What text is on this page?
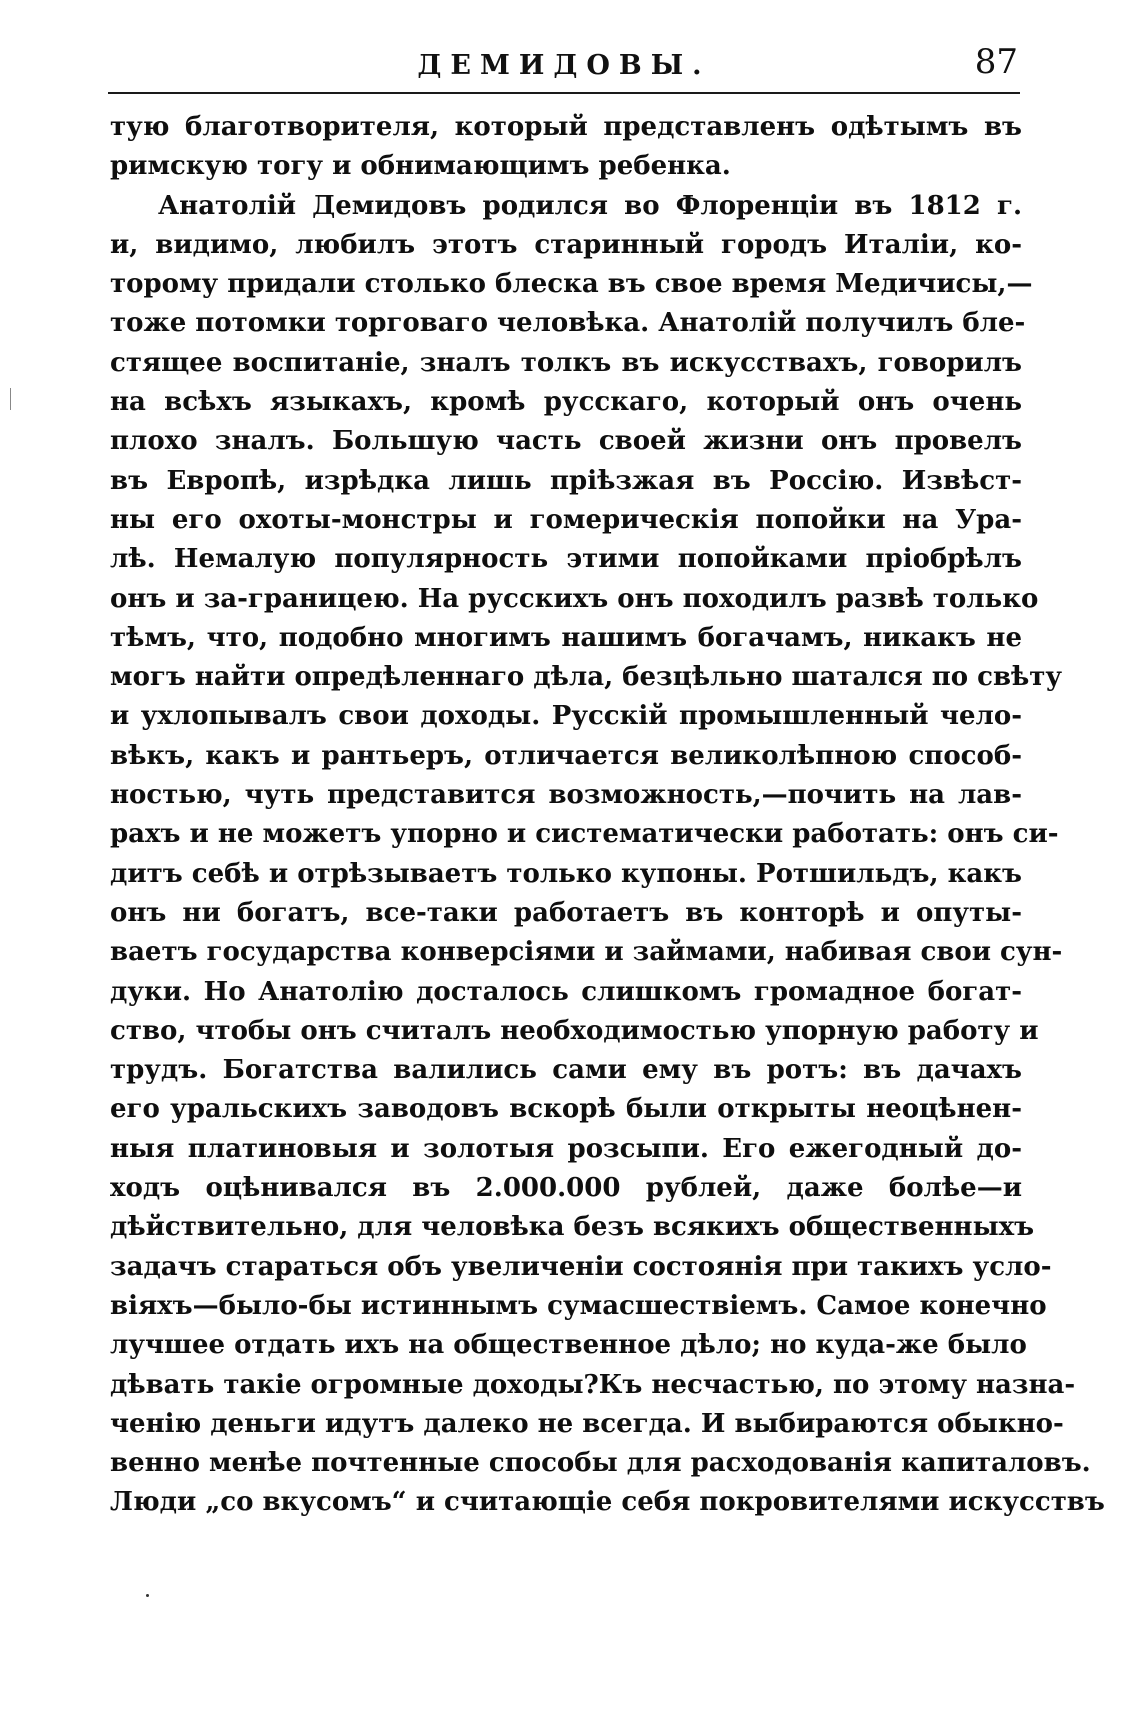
ДЕМИДОВЫ.	87
тую благотворителя, который представленъ одѣтымъ въ
римскую тогу и обнимающимъ ребенка.
Анатолій Демидовъ родился во Флоренціи въ 1812 г.
и, видимо, любилъ этотъ старинный городъ Италіи, ко-
торому придали столько блеска въ свое время Медичисы,—
тоже потомки торговаго человѣка. Анатолій получилъ бле-
стящее воспитаніе, зналъ толкъ въ искусствахъ, говорилъ
на всѣхъ языкахъ, кромѣ русскаго, который онъ очень
плохо зналъ. Большую часть своей жизни онъ провелъ
въ Европѣ, изрѣдка лишь пріѣзжая въ Россію. Извѣст-
ны его охоты-монстры и гомерическія попойки на Ура-
лѣ. Немалую популярность этими попойками пріобрѣлъ
онъ и за-границею. На русскихъ онъ походилъ развѣ только
тѣмъ, что, подобно многимъ нашимъ богачамъ, никакъ не
могъ найти опредѣленнаго дѣла, безцѣльно шатался по свѣту
и ухлопывалъ свои доходы. Русскій промышленный чело-
вѣкъ, какъ и рантьеръ, отличается великолѣпною способ-
ностью, чуть представится возможность,—почить на лав-
рахъ и не можетъ упорно и систематически работать: онъ си-
дитъ себѣ и отрѣзываетъ только купоны. Ротшильдъ, какъ
онъ ни богатъ, все-таки работаетъ въ конторѣ и опуты-
ваетъ государства конверсіями и займами, набивая свои сун-
дуки. Но Анатолію досталось слишкомъ громадное богат-
ство, чтобы онъ считалъ необходимостью упорную работу и
трудъ. Богатства валились сами ему въ ротъ: въ дачахъ
его уральскихъ заводовъ вскорѣ были открыты неоцѣнен-
ныя платиновыя и золотыя розсыпи. Его ежегодный до-
ходъ оцѣнивался въ 2.000.000 рублей, даже болѣе—и
дѣйствительно, для человѣка безъ всякихъ общественныхъ
задачъ стараться объ увеличеніи состоянія при такихъ усло-
віяхъ—было-бы истиннымъ сумасшествіемъ. Самое конечно
лучшее отдать ихъ на общественное дѣло; но куда-же было
дѣвать такіе огромные доходы?Къ несчастью, по этому назна-
ченію деньги идутъ далеко не всегда. И выбираются обыкно-
венно менѣе почтенные способы для расходованія капиталовъ.
Люди „со вкусомъ“ и считающіе себя покровителями искусствъ
